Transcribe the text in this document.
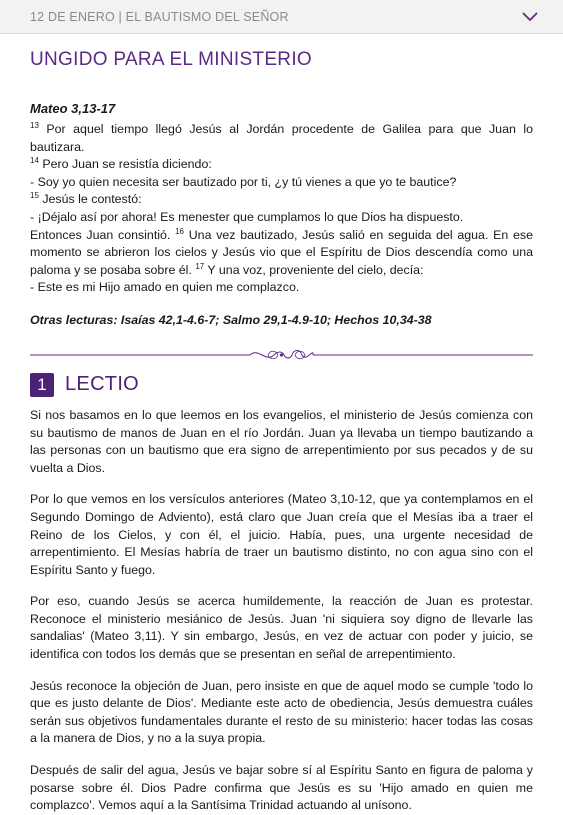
12 DE ENERO | EL BAUTISMO DEL SEÑOR
UNGIDO PARA EL MINISTERIO
Mateo 3,13-17

$^{13}$ Por aquel tiempo llegó Jesús al Jordán procedente de Galilea para que Juan lo bautizara.

$^{14}$ Pero Juan se resistía diciendo:

- Soy yo quien necesita ser bautizado por ti, ¿y tú vienes a que yo te bautice?

$^{15}$ Jesús le contestó:

- ¡Déjalo así por ahora! Es menester que cumplamos lo que Dios ha dispuesto.

Entonces Juan consintió. $^{16}$ Una vez bautizado, Jesús salió en seguida del agua. En ese momento se abrieron los cielos y Jesús vio que el Espíritu de Dios descendía como una paloma y se posaba sobre él. $^{17}$ Y una voz, proveniente del cielo, decía:

- Este es mi Hijo amado en quien me complazco.

Otras lecturas: Isaías 42,1-4.6-7; Salmo 29,1-4.9-10; Hechos 10,34-38
1 LECTIO

Si nos basamos en lo que leemos en los evangelios, el ministerio de Jesús comienza con su bautismo de manos de Juan en el río Jordán. Juan ya llevaba un tiempo bautizando a las personas con un bautismo que era signo de arrepentimiento por sus pecados y de su vuelta a Dios.

Por lo que vemos en los versículos anteriores (Mateo 3,10-12, que ya contemplamos en el Segundo Domingo de Adviento), está claro que Juan creía que el Mesías iba a traer el Reino de los Cielos, y con él, el juicio. Había, pues, una urgente necesidad de arrepentimiento. El Mesías habría de traer un bautismo distinto, no con agua sino con el Espíritu Santo y fuego.

Por eso, cuando Jesús se acerca humildemente, la reacción de Juan es protestar. Reconoce el ministerio mesiánico de Jesús. Juan 'ni siquiera soy digno de llevarle las sandalias' (Mateo 3,11). Y sin embargo, Jesús, en vez de actuar con poder y juicio, se identifica con todos los demás que se presentan en señal de arrepentimiento.

Jesús reconoce la objeción de Juan, pero insiste en que de aquel modo se cumple 'todo lo que es justo delante de Dios'. Mediante este acto de obediencia, Jesús demuestra cuáles serán sus objetivos fundamentales durante el resto de su ministerio: hacer todas las cosas a la manera de Dios, y no a la suya propia.

Después de salir del agua, Jesús ve bajar sobre sí al Espíritu Santo en figura de paloma y posarse sobre él. Dios Padre confirma que Jesús es su 'Hijo amado en quien me complazco'. Vemos aquí a la Santísima Trinidad actuando al unísono.
